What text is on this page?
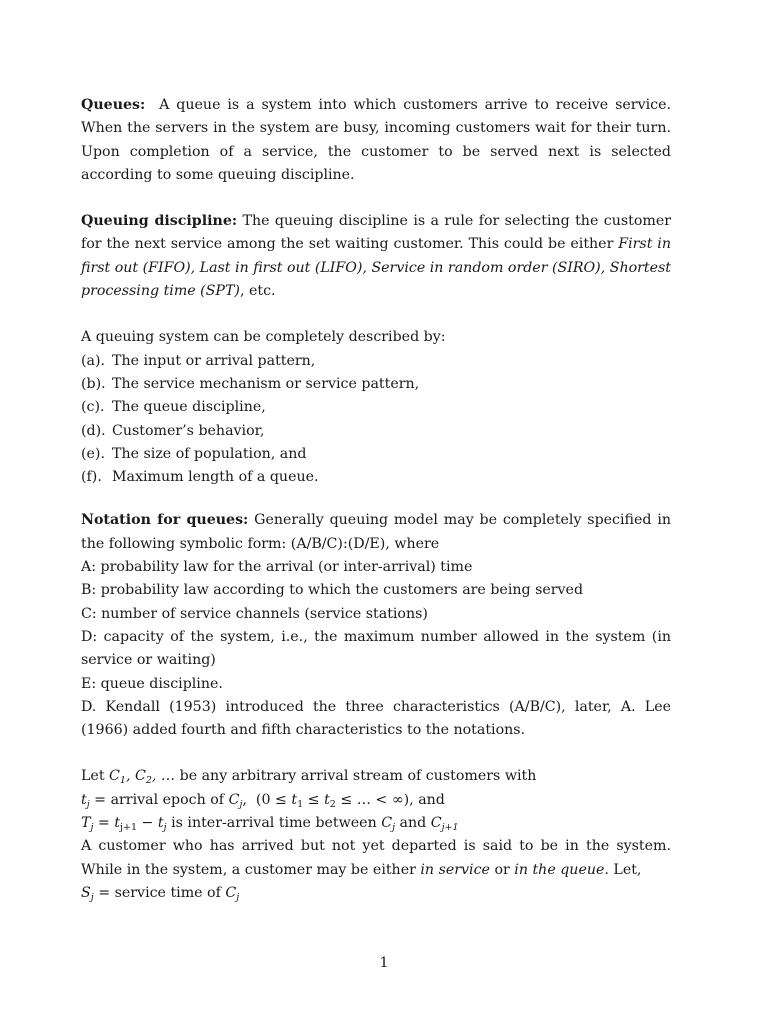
Queues: A queue is a system into which customers arrive to receive service. When the servers in the system are busy, incoming customers wait for their turn. Upon completion of a service, the customer to be served next is selected according to some queuing discipline.

Queuing discipline: The queuing discipline is a rule for selecting the customer for the next service among the set waiting customer. This could be either First in first out (FIFO), Last in first out (LIFO), Service in random order (SIRO), Shortest processing time (SPT), etc.

A queuing system can be completely described by:

(a). The input or arrival pattern,
(b). The service mechanism or service pattern,
(c). The queue discipline,
(d). Customer’s behavior,
(e). The size of population, and
(f). Maximum length of a queue.

Notation for queues: Generally queuing model may be completely specified in the following symbolic form: (A/B/C):(D/E), where

A: probability law for the arrival (or inter-arrival) time

B: probability law according to which the customers are being served

C: number of service channels (service stations)

D: capacity of the system, i.e., the maximum number allowed in the system (in service or waiting)

E: queue discipline.

D. Kendall (1953) introduced the three characteristics (A/B/C), later, A. Lee (1966) added fourth and fifth characteristics to the notations.

Let $C_1$, $C_2$, … be any arbitrary arrival stream of customers with

$t_j$ = arrival epoch of $C_j$,  ($0 \le t_1 \le t_2$ ≤ … < ∞), and

$T_j = t_{j+1} - t_j$ is inter-arrival time between $C_j$ and $C_{j+1}$

A customer who has arrived but not yet departed is said to be in the system. While in the system, a customer may be either in service or in the queue. Let,

$S_j$ = service time of $C_j$

1
